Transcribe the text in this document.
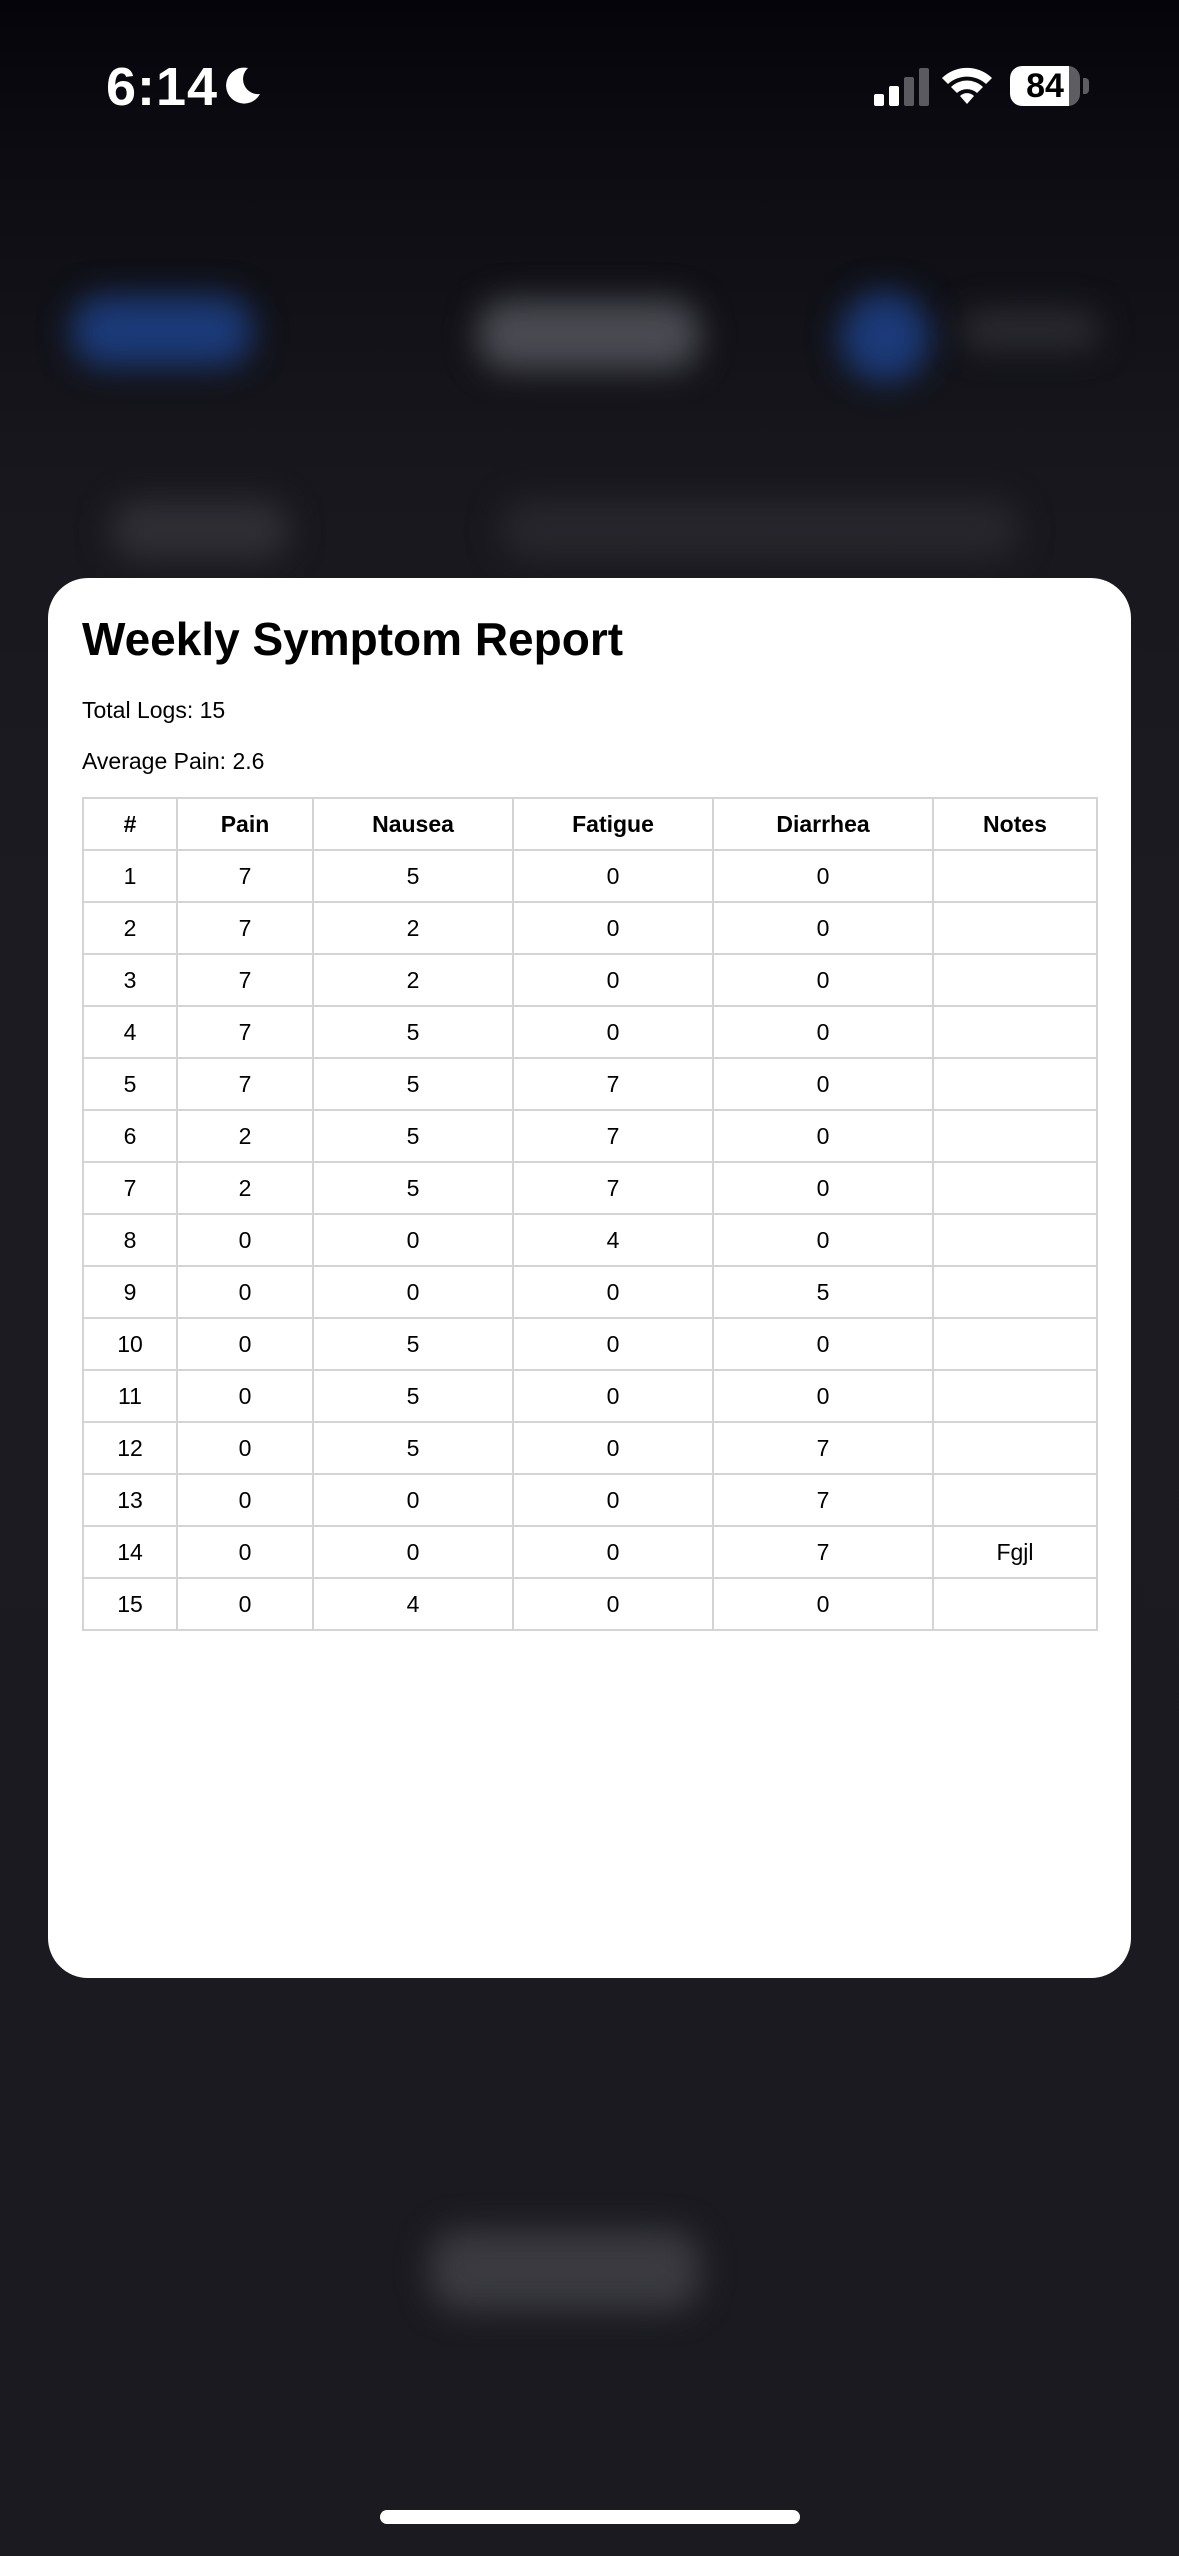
6:14	84
Weekly Symptom Report
Total Logs: 15
Average Pain: 2.6
#	Pain	Nausea	Fatigue	Diarrhea	Notes
1	7	5	0	0	
2	7	2	0	0	
3	7	2	0	0	
4	7	5	0	0	
5	7	5	7	0	
6	2	5	7	0	
7	2	5	7	0	
8	0	0	4	0	
9	0	0	0	5	
10	0	5	0	0	
11	0	5	0	0	
12	0	5	0	7	
13	0	0	0	7	
14	0	0	0	7	Fgjl
15	0	4	0	0	
